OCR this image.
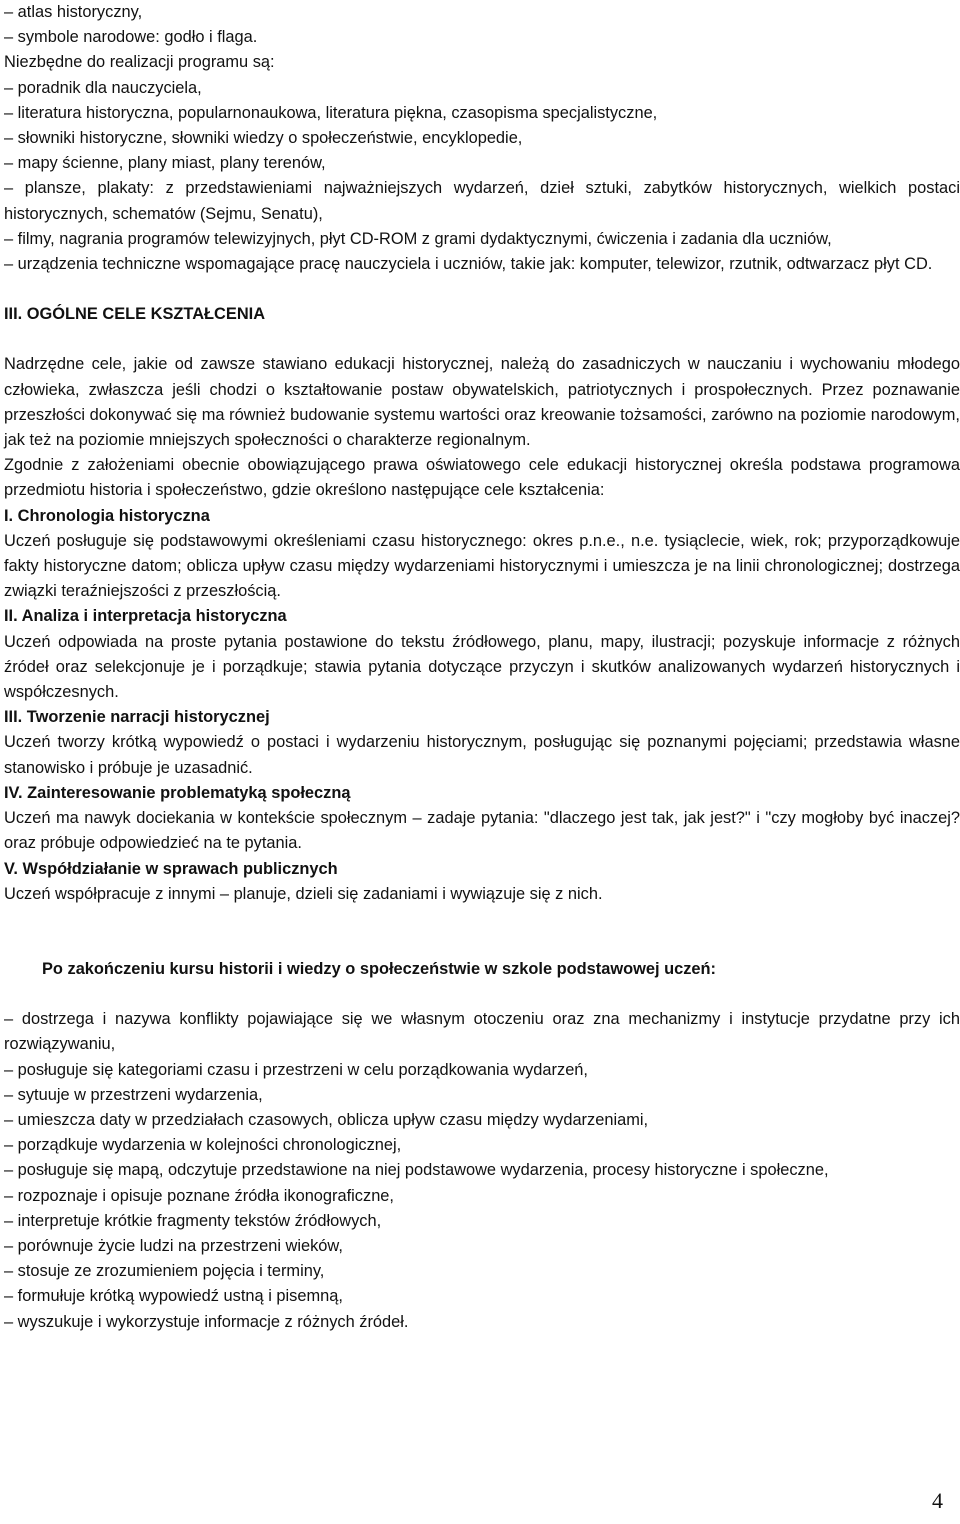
– atlas historyczny,

– symbole narodowe: godło i flaga.

Niezbędne do realizacji programu są:

– poradnik dla nauczyciela,

– literatura historyczna, popularnonaukowa, literatura piękna, czasopisma specjalistyczne,

– słowniki historyczne, słowniki wiedzy o społeczeństwie, encyklopedie,

– mapy ścienne, plany miast, plany terenów,

– plansze, plakaty: z przedstawieniami najważniejszych wydarzeń, dzieł sztuki, zabytków historycznych, wielkich postaci historycznych, schematów (Sejmu, Senatu),

– filmy, nagrania programów telewizyjnych, płyt CD-ROM z grami dydaktycznymi, ćwiczenia i zadania dla uczniów,

– urządzenia techniczne wspomagające pracę nauczyciela i uczniów, takie jak: komputer, telewizor, rzutnik, odtwarzacz płyt CD.

III. OGÓLNE CELE KSZTAŁCENIA

Nadrzędne cele, jakie od zawsze stawiano edukacji historycznej, należą do zasadniczych w nauczaniu i wychowaniu młodego człowieka, zwłaszcza jeśli chodzi o kształtowanie postaw obywatelskich, patriotycznych i prospołecznych. Przez poznawanie przeszłości dokonywać się ma również budowanie systemu wartości oraz kreowanie tożsamości, zarówno na poziomie narodowym, jak też na poziomie mniejszych społeczności o charakterze regionalnym.

Zgodnie z założeniami obecnie obowiązującego prawa oświatowego cele edukacji historycznej określa podstawa programowa przedmiotu historia i społeczeństwo, gdzie określono następujące cele kształcenia:

I. Chronologia historyczna

Uczeń posługuje się podstawowymi określeniami czasu historycznego: okres p.n.e., n.e. tysiąclecie, wiek, rok; przyporządkowuje fakty historyczne datom; oblicza upływ czasu między wydarzeniami historycznymi i umieszcza je na linii chronologicznej; dostrzega związki teraźniejszości z przeszłością.

II. Analiza i interpretacja historyczna

Uczeń odpowiada na proste pytania postawione do tekstu źródłowego, planu, mapy, ilustracji; pozyskuje informacje z różnych źródeł oraz selekcjonuje je i porządkuje; stawia pytania dotyczące przyczyn i skutków analizowanych wydarzeń historycznych i współczesnych.

III. Tworzenie narracji historycznej

Uczeń tworzy krótką wypowiedź o postaci i wydarzeniu historycznym, posługując się poznanymi pojęciami; przedstawia własne stanowisko i próbuje je uzasadnić.

IV. Zainteresowanie problematyką społeczną

Uczeń ma nawyk dociekania w kontekście społecznym – zadaje pytania: "dlaczego jest tak, jak jest?" i "czy mogłoby być inaczej? oraz próbuje odpowiedzieć na te pytania.

V. Współdziałanie w sprawach publicznych

Uczeń współpracuje z innymi – planuje, dzieli się zadaniami i wywiązuje się z nich.

Po zakończeniu kursu historii i wiedzy o społeczeństwie w szkole podstawowej uczeń:

– dostrzega i nazywa konflikty pojawiające się we własnym otoczeniu oraz zna mechanizmy i instytucje przydatne przy ich rozwiązywaniu,

– posługuje się kategoriami czasu i przestrzeni w celu porządkowania wydarzeń,

– sytuuje w przestrzeni wydarzenia,

– umieszcza daty w przedziałach czasowych, oblicza upływ czasu między wydarzeniami,

– porządkuje wydarzenia w kolejności chronologicznej,

– posługuje się mapą, odczytuje przedstawione na niej podstawowe wydarzenia, procesy historyczne i społeczne,

– rozpoznaje i opisuje poznane źródła ikonograficzne,

– interpretuje krótkie fragmenty tekstów źródłowych,

– porównuje życie ludzi na przestrzeni wieków,

– stosuje ze zrozumieniem pojęcia i terminy,

– formułuje krótką wypowiedź ustną i pisemną,

– wyszukuje i wykorzystuje informacje z różnych źródeł.

4
